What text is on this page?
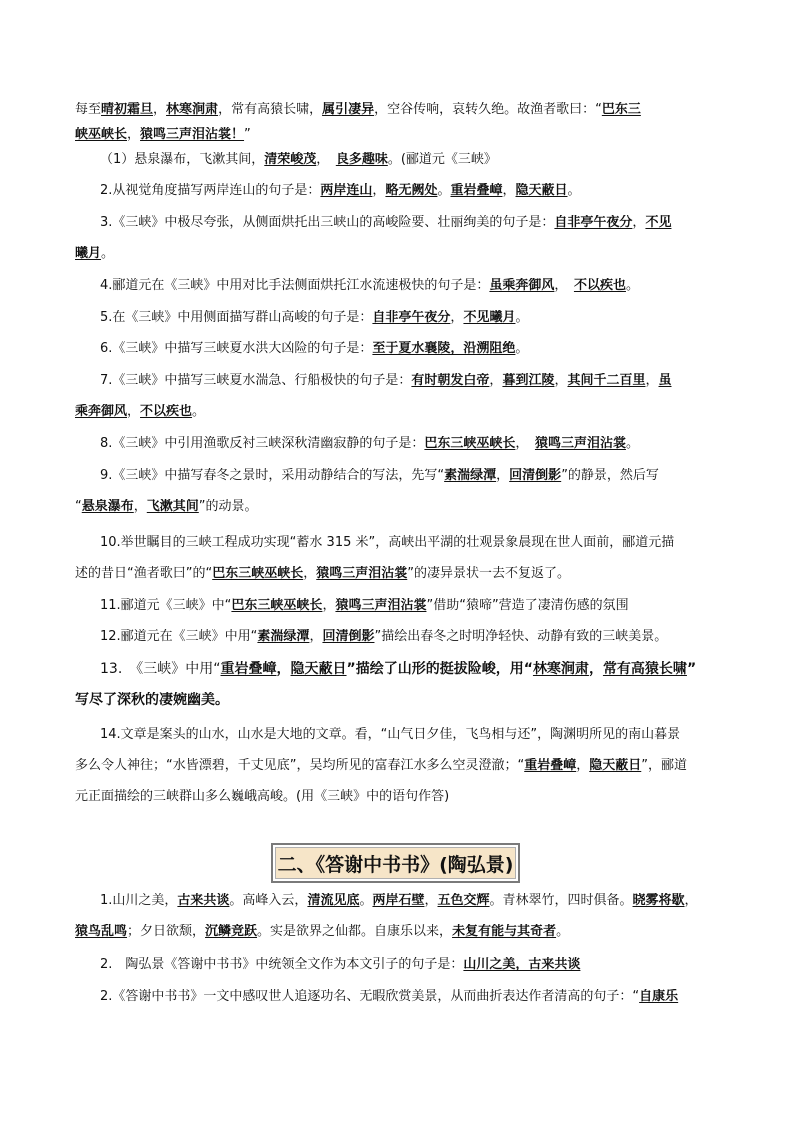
每至晴初霜旦，林寒涧肃，常有高猿长啸，属引凄异，空谷传响，哀转久绝。故渔者歌曰：“巴东三
峡巫峡长，猿鸣三声泪沾裳！”
（1）悬泉瀑布，飞漱其间，清荣峻茂，　良多趣味。(郦道元《三峡》
2.从视觉角度描写两岸连山的句子是：两岸连山，略无阙处。重岩叠嶂，隐天蔽日。
3.《三峡》中极尽夸张，从侧面烘托出三峡山的高峻险要、壮丽绚美的句子是：自非亭午夜分，不见
曦月。
4.郦道元在《三峡》中用对比手法侧面烘托江水流速极快的句子是：虽乘奔御风，　不以疾也。
5.在《三峡》中用侧面描写群山高峻的句子是：自非亭午夜分，不见曦月。
6.《三峡》中描写三峡夏水洪大凶险的句子是：至于夏水襄陵，沿溯阻绝。
7.《三峡》中描写三峡夏水湍急、行船极快的句子是：有时朝发白帝，暮到江陵，其间千二百里，虽
乘奔御风，不以疾也。
8.《三峡》中引用渔歌反衬三峡深秋清幽寂静的句子是：巴东三峡巫峡长，　猿鸣三声泪沾裳。
9.《三峡》中描写春冬之景时，采用动静结合的写法，先写“素湍绿潭，回清倒影”的静景，然后写
“悬泉瀑布，飞漱其间”的动景。
10.举世瞩目的三峡工程成功实现“蓄水 315 米”，高峡出平湖的壮观景象晨现在世人面前，郦道元描
述的昔日“渔者歌曰”的“巴东三峡巫峡长，猿鸣三声泪沾裳”的凄异景状一去不复返了。
11.郦道元《三峡》中“巴东三峡巫峡长，猿鸣三声泪沾裳”借助“猿啼”营造了凄清伤感的氛围
12.郦道元在《三峡》中用“素湍绿潭，回清倒影”描绘出春冬之时明净轻快、动静有致的三峡美景。
13.　《三峡》中用“重岩叠嶂，隐天蔽日”描绘了山形的挺拔险峻，用“林寒涧肃，常有高猿长啸”
写尽了深秋的凄婉幽美。
14.文章是案头的山水，山水是大地的文章。看，“山气日夕佳，飞鸟相与还”，陶渊明所见的南山暮景
多么令人神往；“水皆漂碧，千丈见底”，吴均所见的富春江水多么空灵澄澈；“重岩叠嶂，隐天蔽日”，郦道
元正面描绘的三峡群山多么巍峨高峻。(用《三峡》中的语句作答)
二、《答谢中书书》(陶弘景)
1.山川之美，古来共谈。高峰入云，清流见底。两岸石壁，五色交辉。青林翠竹，四时俱备。晓雾将歇，
猿鸟乱鸣；夕日欲颓，沉鳞竞跃。实是欲界之仙都。自康乐以来，未复有能与其奇者。
2.　陶弘景《答谢中书书》中统领全文作为本文引子的句子是：山川之美，古来共谈
2.《答谢中书书》一文中感叹世人追逐功名、无暇欣赏美景，从而曲折表达作者清高的句子：“自康乐
